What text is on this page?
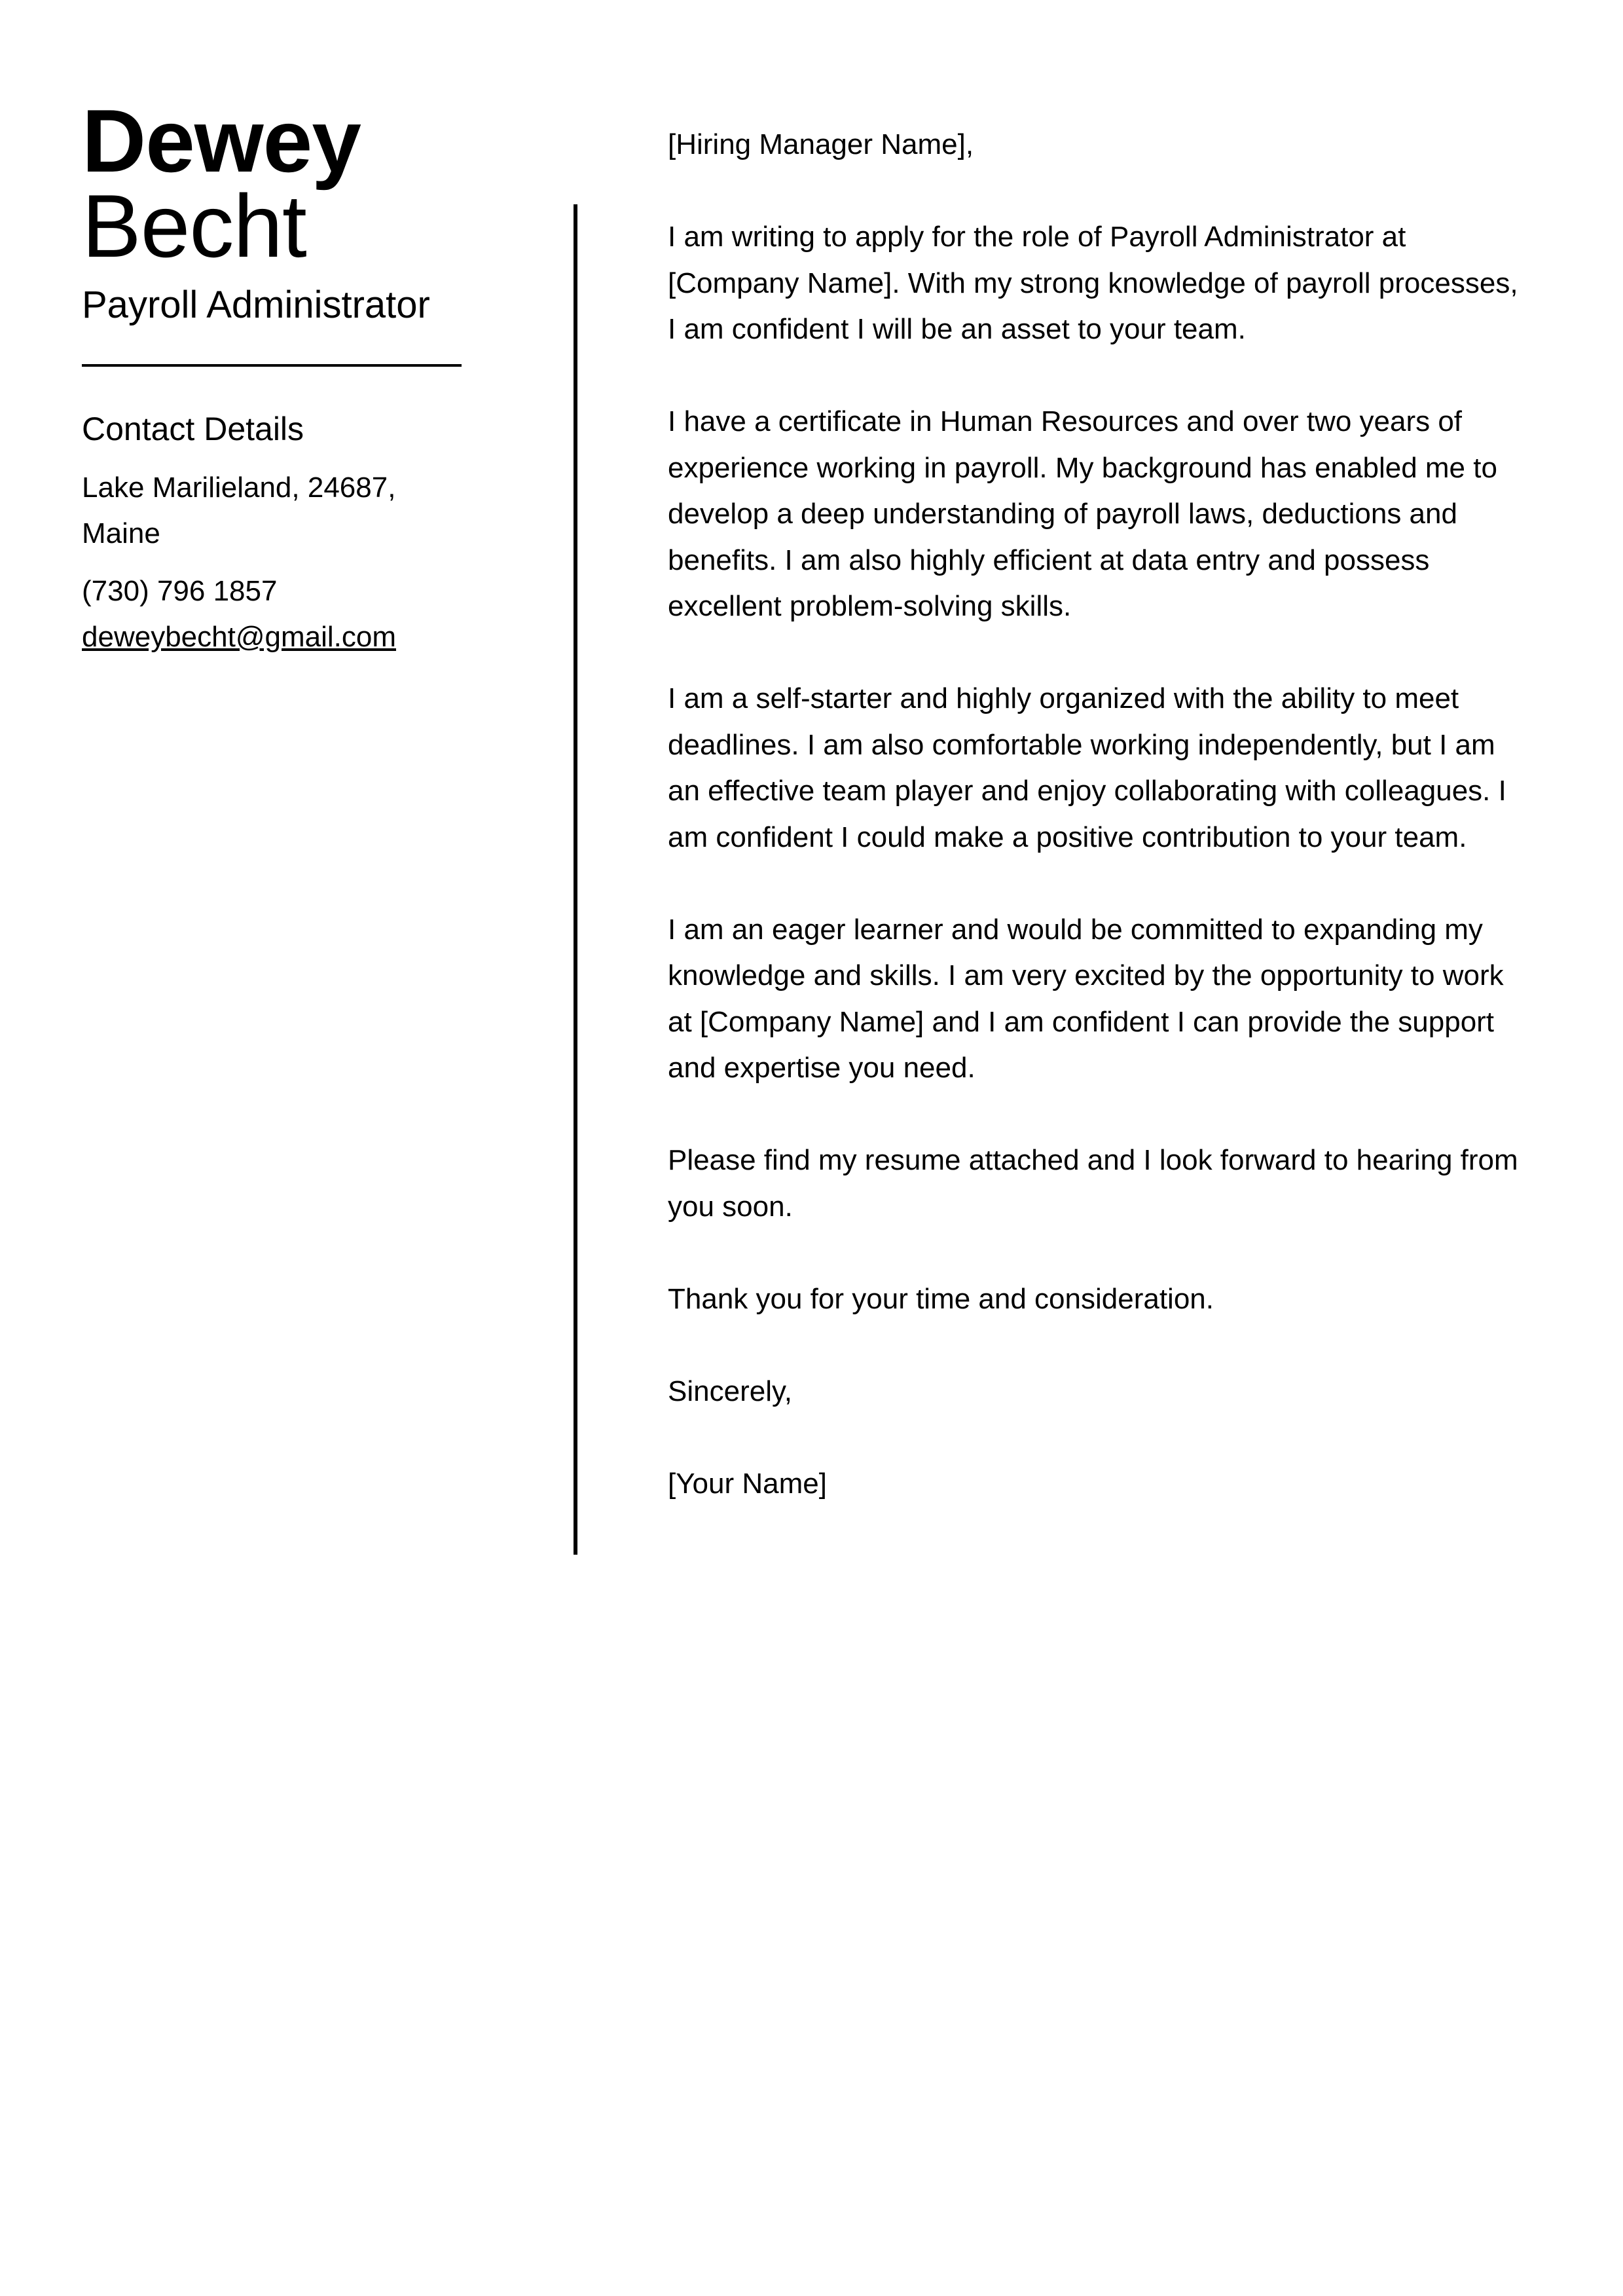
Dewey
Becht
Payroll Administrator
Contact Details
Lake Marilieland, 24687, Maine
(730) 796 1857
deweybecht@gmail.com

[Hiring Manager Name],

I am writing to apply for the role of Payroll Administrator at [Company Name]. With my strong knowledge of payroll processes, I am confident I will be an asset to your team.

I have a certificate in Human Resources and over two years of experience working in payroll. My background has enabled me to develop a deep understanding of payroll laws, deductions and benefits. I am also highly efficient at data entry and possess excellent problem-solving skills.

I am a self-starter and highly organized with the ability to meet deadlines. I am also comfortable working independently, but I am an effective team player and enjoy collaborating with colleagues. I am confident I could make a positive contribution to your team.

I am an eager learner and would be committed to expanding my knowledge and skills. I am very excited by the opportunity to work at [Company Name] and I am confident I can provide the support and expertise you need.

Please find my resume attached and I look forward to hearing from you soon.

Thank you for your time and consideration.

Sincerely,

[Your Name]
